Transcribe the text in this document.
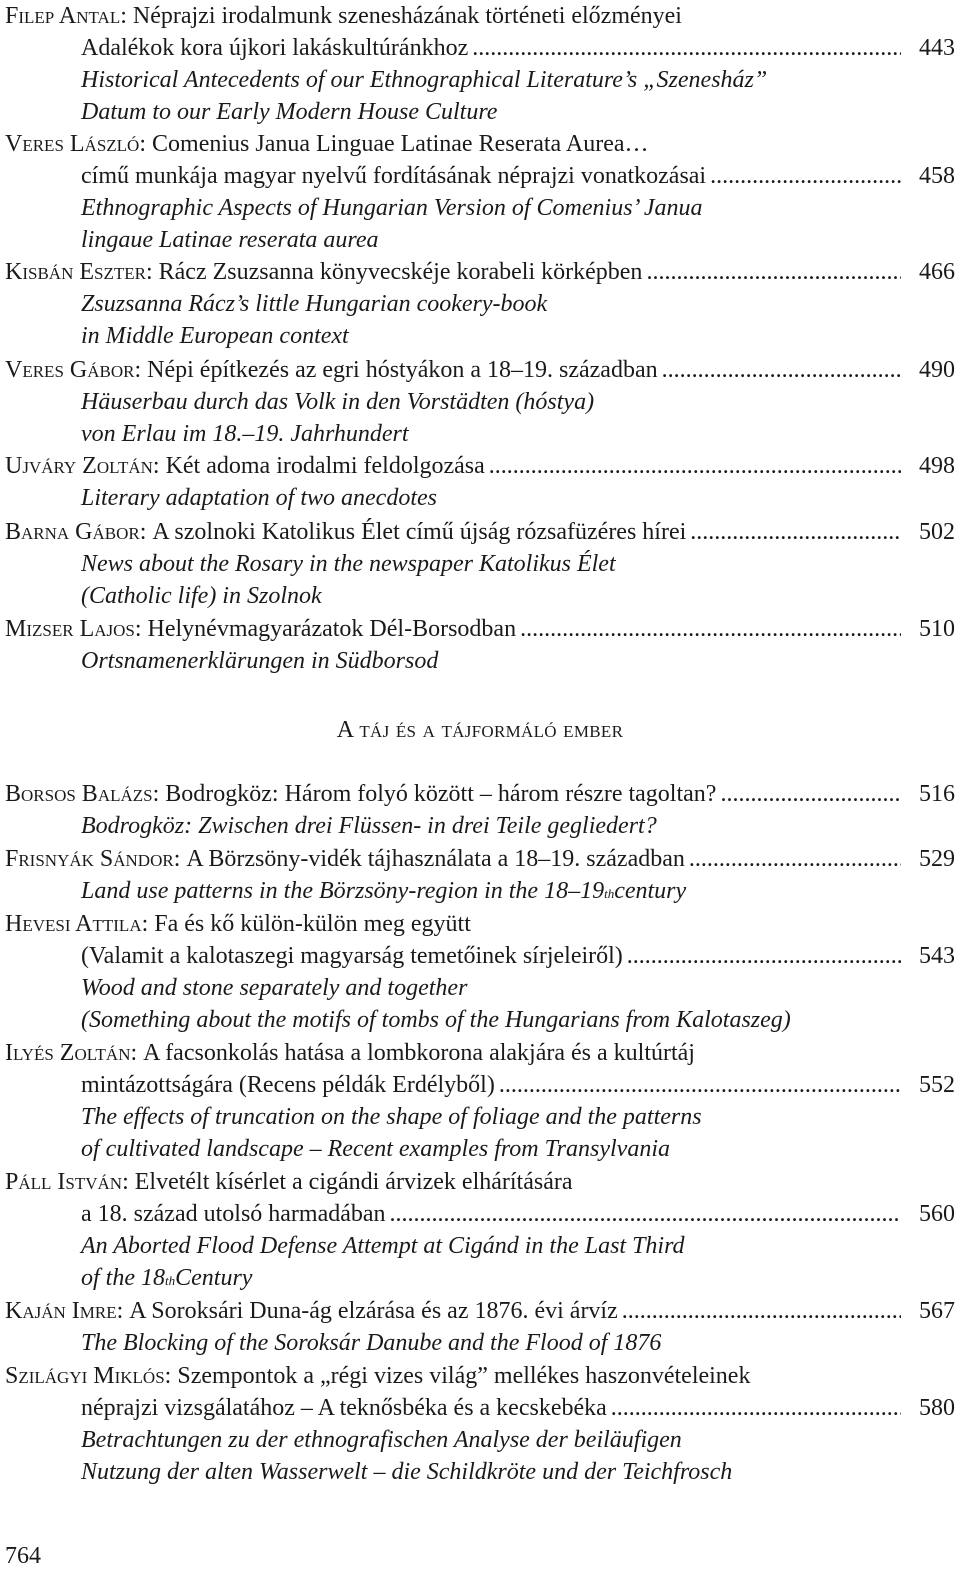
Filep Antal : Néprajzi irodalmunk szenesházának történeti előzményei
Adalékok kora újkori lakáskultúránkhoz .....	443
Historical Antecedents of our Ethnographical Literature’s „Szenesház”
Datum to our Early Modern House Culture
Veres László : Comenius Janua Linguae Latinae Reserata Aurea…
című munkája magyar nyelvű fordításának néprajzi vonatkozásai .....	458
Ethnographic Aspects of Hungarian Version of Comenius’ Janua
lingaue Latinae reserata aurea
Kisbán Eszter : Rácz Zsuzsanna könyvecskéje korabeli körképben .....	466
Zsuzsanna Rácz’s little Hungarian cookery-book
in Middle European context
Veres Gábor : Népi építkezés az egri hóstyákon a 18–19. században .....	490
Häuserbau durch das Volk in den Vorstädten (hóstya)
von Erlau im 18.–19. Jahrhundert
Ujváry Zoltán : Két adoma irodalmi feldolgozása .....	498
Literary adaptation of two anecdotes
Barna Gábor : A szolnoki Katolikus Élet című újság rózsafüzéres hírei .....	502
News about the Rosary in the newspaper Katolikus Élet
(Catholic life) in Szolnok
Mizser Lajos : Helynévmagyarázatok Dél-Borsodban .....	510
Ortsnamenerklärungen in Südborsod
A táj és a tájformáló ember
Borsos Balázs : Bodrogköz: Három folyó között – három részre tagoltan? .....	516
Bodrogköz: Zwischen drei Flüssen- in drei Teile gegliedert?
Frisnyák Sándor : A Börzsöny-vidék tájhasználata a 18–19. században .....	529
Land use patterns in the Börzsöny-region in the 18–19 th century
Hevesi Attila : Fa és kő külön-külön meg együtt
(Valamit a kalotaszegi magyarság temetőinek sírjeleiről) .....	543
Wood and stone separately and together
(Something about the motifs of tombs of the Hungarians from Kalotaszeg)
Ilyés Zoltán : A facsonkolás hatása a lombkorona alakjára és a kultúrtáj
mintázottságára (Recens példák Erdélyből) .....	552
The effects of truncation on the shape of foliage and the patterns
of cultivated landscape – Recent examples from Transylvania
Páll István : Elvetélt kísérlet a cigándi árvizek elhárítására
a 18. század utolsó harmadában .....	560
An Aborted Flood Defense Attempt at Cigánd in the Last Third
of the 18 th Century
Kaján Imre : A Soroksári Duna-ág elzárása és az 1876. évi árvíz .....	567
The Blocking of the Soroksár Danube and the Flood of 1876
Szilágyi Miklós : Szempontok a „régi vizes világ” mellékes haszonvételeinek
néprajzi vizsgálatához – A teknősbéka és a kecskebéka .....	580
Betrachtungen zu der ethnografischen Analyse der beiläufigen
Nutzung der alten Wasserwelt – die Schildkröte und der Teichfrosch
764
